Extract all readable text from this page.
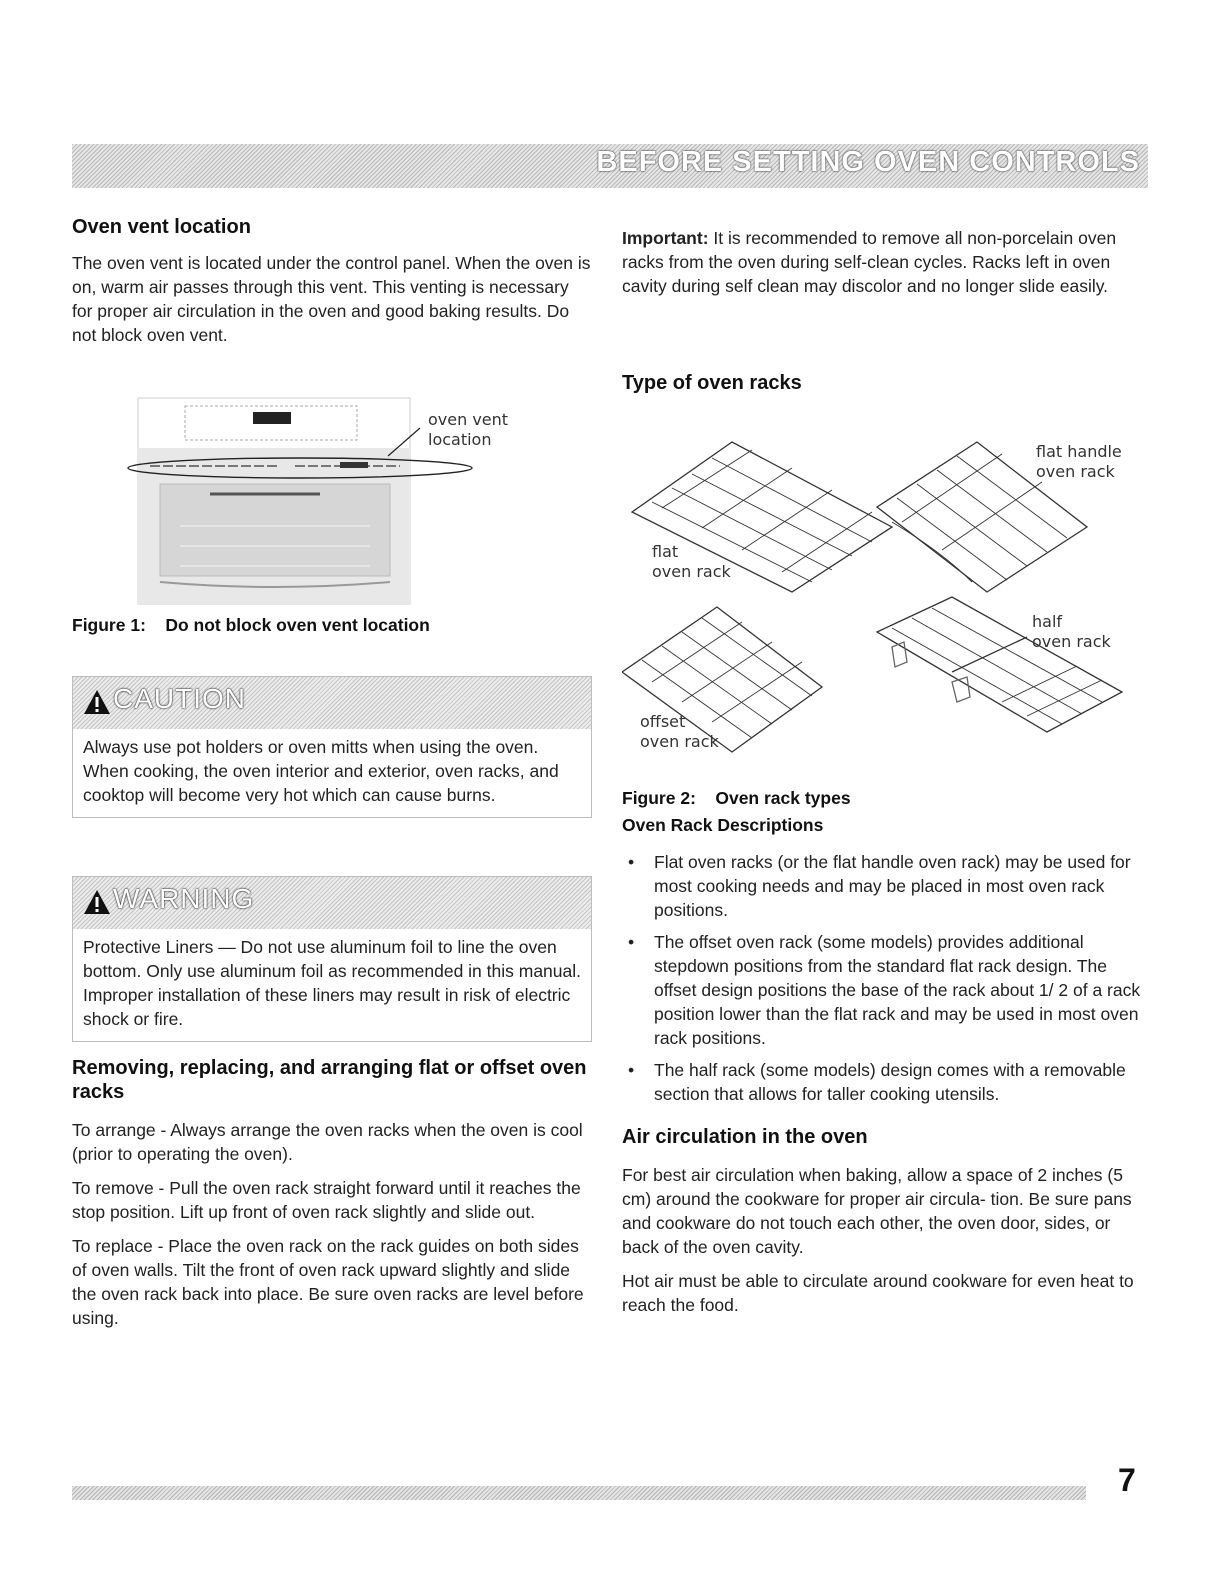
BEFORE SETTING OVEN CONTROLS
Oven vent location

The oven vent is located under the control panel. When the oven is on, warm air passes through this vent. This venting is necessary for proper air circulation in the oven and good baking results. Do not block oven vent.

oven vent
location
Figure 1:    Do not block oven vent location
CAUTION
Always use pot holders or oven mitts when using the oven. When cooking, the oven interior and exterior, oven racks, and cooktop will become very hot which can cause burns.
WARNING
Protective Liners — Do not use aluminum foil to line the oven bottom. Only use aluminum foil as recommended in this manual. Improper installation of these liners may result in risk of electric shock or fire.
Removing, replacing, and arranging flat or offset oven racks

To arrange - Always arrange the oven racks when the oven is cool (prior to operating the oven).

To remove - Pull the oven rack straight forward until it reaches the stop position. Lift up front of oven rack slightly and slide out.

To replace - Place the oven rack on the rack guides on both sides of oven walls. Tilt the front of oven rack upward slightly and slide the oven rack back into place. Be sure oven racks are level before using.

Important: It is recommended to remove all non-porcelain oven racks from the oven during self-clean cycles. Racks left in oven cavity during self clean may discolor and no longer slide easily.

Type of oven racks
flat
oven rack
flat handle
oven rack
offset
oven rack
half
oven rack
Figure 2:    Oven rack types
Oven Rack Descriptions
• Flat oven racks (or the flat handle oven rack) may be used for most cooking needs and may be placed in most oven rack positions.
• The offset oven rack (some models) provides additional stepdown positions from the standard flat rack design. The offset design positions the base of the rack about 1/ 2 of a rack position lower than the flat rack and may be used in most oven rack positions.
• The half rack (some models) design comes with a removable section that allows for taller cooking utensils.
Air circulation in the oven

For best air circulation when baking, allow a space of 2 inches (5 cm) around the cookware for proper air circula- tion. Be sure pans and cookware do not touch each other, the oven door, sides, or back of the oven cavity.

Hot air must be able to circulate around cookware for even heat to reach the food.

7
